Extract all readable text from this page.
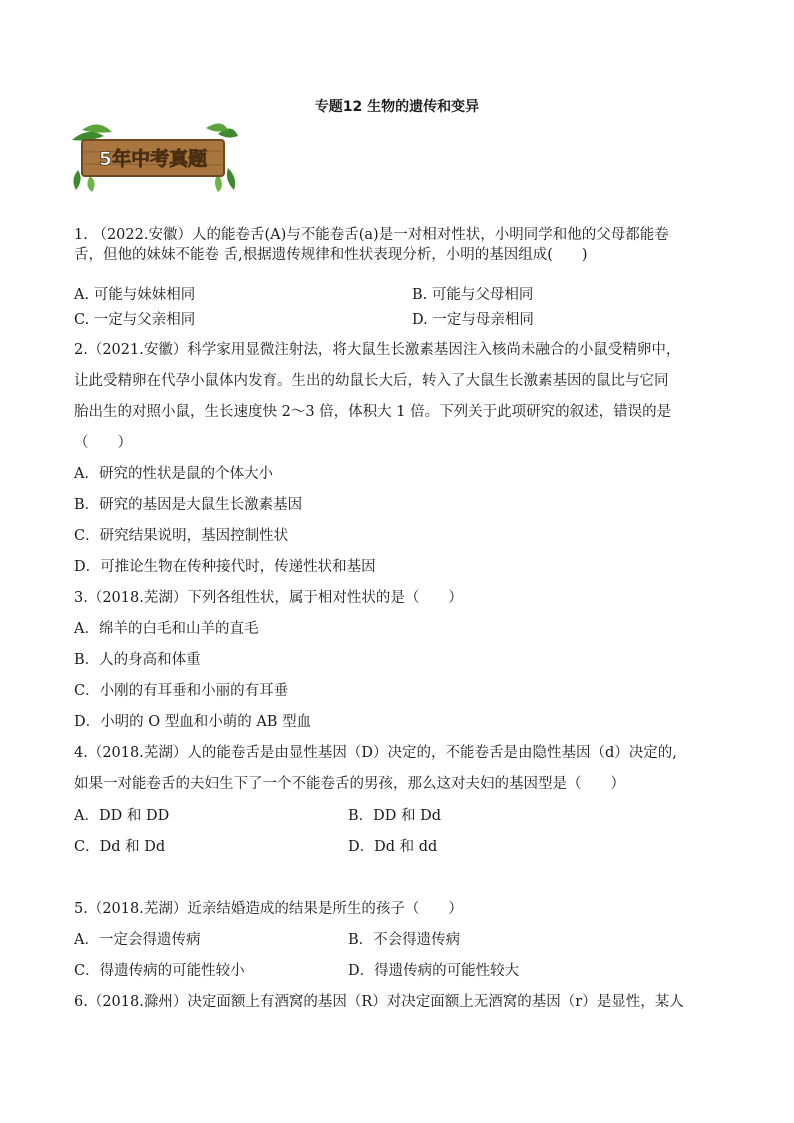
专题12 生物的遗传和变异
5年中考真题
1. （2022.安徽）人的能卷舌(A)与不能卷舌(a)是一对相对性状，小明同学和他的父母都能卷
舌，但他的妹妹不能卷 舌,根据遗传规律和性状表现分析，小明的基因组成(　　)
A. 可能与妹妹相同	B. 可能与父母相同
C. 一定与父亲相同	D. 一定与母亲相同
2.（2021.安徽）科学家用显微注射法，将大鼠生长激素基因注入核尚未融合的小鼠受精卵中，
让此受精卵在代孕小鼠体内发育。生出的幼鼠长大后，转入了大鼠生长激素基因的鼠比与它同
胎出生的对照小鼠，生长速度快 2～3 倍，体积大 1 倍。下列关于此项研究的叙述，错误的是
（　　）
A．研究的性状是鼠的个体大小
B．研究的基因是大鼠生长激素基因
C．研究结果说明，基因控制性状
D．可推论生物在传种接代时，传递性状和基因
3.（2018.芜湖）下列各组性状，属于相对性状的是（　　）
A．绵羊的白毛和山羊的直毛
B．人的身高和体重
C．小刚的有耳垂和小丽的有耳垂
D．小明的 O 型血和小萌的 AB 型血
4.（2018.芜湖）人的能卷舌是由显性基因（D）决定的，不能卷舌是由隐性基因（d）决定的,
如果一对能卷舌的夫妇生下了一个不能卷舌的男孩，那么这对夫妇的基因型是（　　）
A．DD 和 DD	B．DD 和 Dd
C．Dd 和 Dd	D．Dd 和 dd
5.（2018.芜湖）近亲结婚造成的结果是所生的孩子（　　）
A．一定会得遗传病	B．不会得遗传病
C．得遗传病的可能性较小	D．得遗传病的可能性较大
6.（2018.滁州）决定面额上有酒窝的基因（R）对决定面额上无酒窝的基因（r）是显性，某人
